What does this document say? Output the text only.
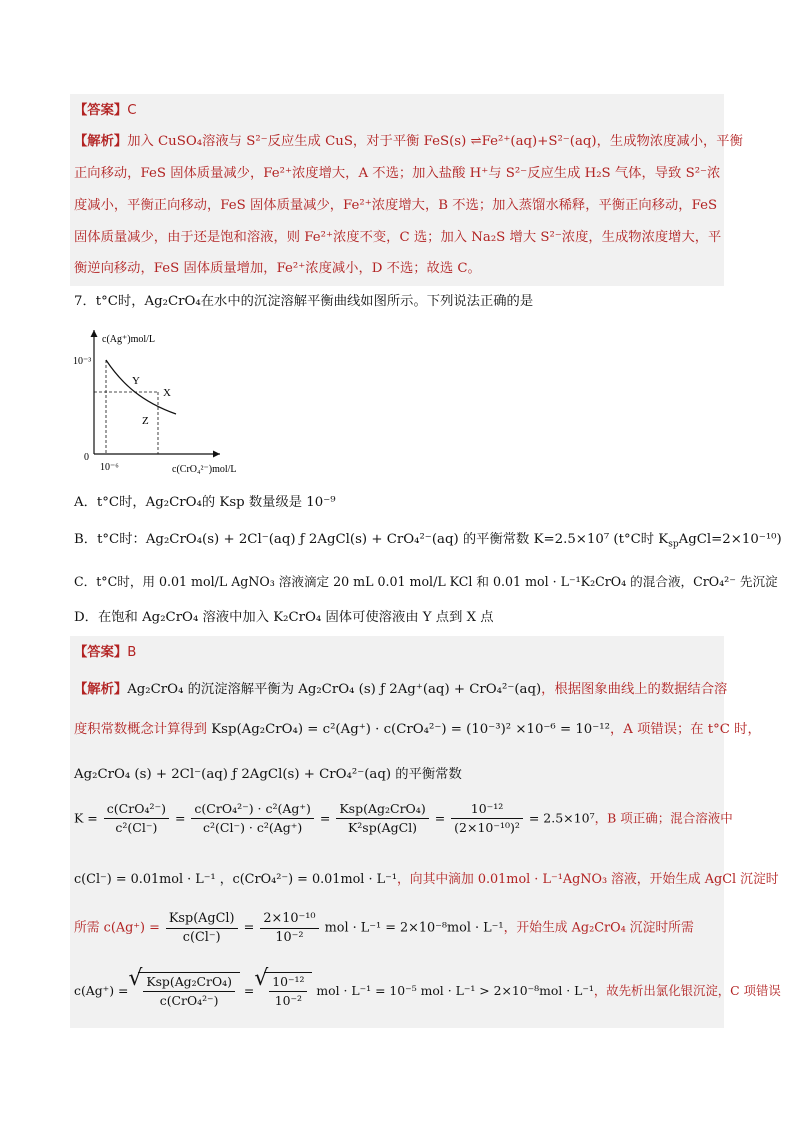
【答案】C
【解析】加入 CuSO₄溶液与 S²⁻反应生成 CuS，对于平衡 FeS(s) ⇌Fe²⁺(aq)+S²⁻(aq)，生成物浓度减小，平衡
正向移动，FeS 固体质量减少，Fe²⁺浓度增大，A 不选；加入盐酸 H⁺与 S²⁻反应生成 H₂S 气体，导致 S²⁻浓
度减小，平衡正向移动，FeS 固体质量减少，Fe²⁺浓度增大，B 不选；加入蒸馏水稀释，平衡正向移动，FeS
固体质量减少，由于还是饱和溶液，则 Fe²⁺浓度不变，C 选；加入 Na₂S 增大 S²⁻浓度，生成物浓度增大，平
衡逆向移动，FeS 固体质量增加，Fe²⁺浓度减小，D 不选；故选 C。
7．t°C时，Ag₂CrO₄在水中的沉淀溶解平衡曲线如图所示。下列说法正确的是
c(Ag⁺)mol/L
10⁻³
10⁻⁶	c(CrO₄²⁻)mol/L
0
Y
X
Z
A．t°C时，Ag₂CrO₄的 Ksp 数量级是 10⁻⁹
B．t°C时：Ag₂CrO₄(s) + 2Cl⁻(aq) ƒ 2AgCl(s) + CrO₄²⁻(aq) 的平衡常数 K=2.5×10⁷ (t°C时 $K_{sp}AgCl=2\times 10^{-10}$)
C．t°C时，用 0.01 mol/L AgNO₃ 溶液滴定 20 mL 0.01 mol/L KCl 和 0.01 mol · L⁻¹K₂CrO₄ 的混合液，CrO₄²⁻ 先沉淀
D．在饱和 Ag₂CrO₄ 溶液中加入 K₂CrO₄ 固体可使溶液由 Y 点到 X 点
【答案】B
【解析】Ag₂CrO₄ 的沉淀溶解平衡为 Ag₂CrO₄ (s) ƒ 2Ag⁺(aq) + CrO₄²⁻(aq)，根据图象曲线上的数据结合溶
度积常数概念计算得到 Ksp(Ag₂CrO₄) = c²(Ag⁺) · c(CrO₄²⁻) = (10⁻³)² ×10⁻⁶ = 10⁻¹²，A 项错误；在 t°C 时，
Ag₂CrO₄ (s) + 2Cl⁻(aq) ƒ 2AgCl(s) + CrO₄²⁻(aq) 的平衡常数
$K = \frac{\text{c(CrO₄²⁻)}}{\text{c²(Cl⁻)}} = \frac{\text{c(CrO₄²⁻) · c²(Ag⁺)}}{\text{c²(Cl⁻) · c²(Ag⁺)}} = \frac{\text{Ksp(Ag₂CrO₄)}}{\text{K²sp(AgCl)}} = \frac{\text{10⁻¹²}}{\text{(2×10⁻¹⁰)²}} = 2.5\times 10^7$，B 项正确；混合溶液中
c(Cl⁻) = 0.01mol · L⁻¹ ，c(CrO₄²⁻) = 0.01mol · L⁻¹，向其中滴加 0.01mol · L⁻¹AgNO₃ 溶液，开始生成 AgCl 沉淀时
所需 $c(Ag^+) = \frac{\text{Ksp(AgCl)}}{c(Cl^-)} = \frac{\text{2×10⁻¹⁰}}{\text{10⁻²}}$ mol · L⁻¹ = 2×10⁻⁸mol · L⁻¹，开始生成 Ag₂CrO₄ 沉淀时所需
c(Ag⁺) = √ $\frac{\text{Ksp(Ag₂CrO₄)}}{\text{c(CrO₄²⁻)}}$ = √ $\frac{\text{10⁻¹²}}{\text{10⁻²}}$ mol · L⁻¹ = 10⁻⁵ mol · L⁻¹ > 2×10⁻⁸mol · L⁻¹，故先析出氯化银沉淀，C 项错误
